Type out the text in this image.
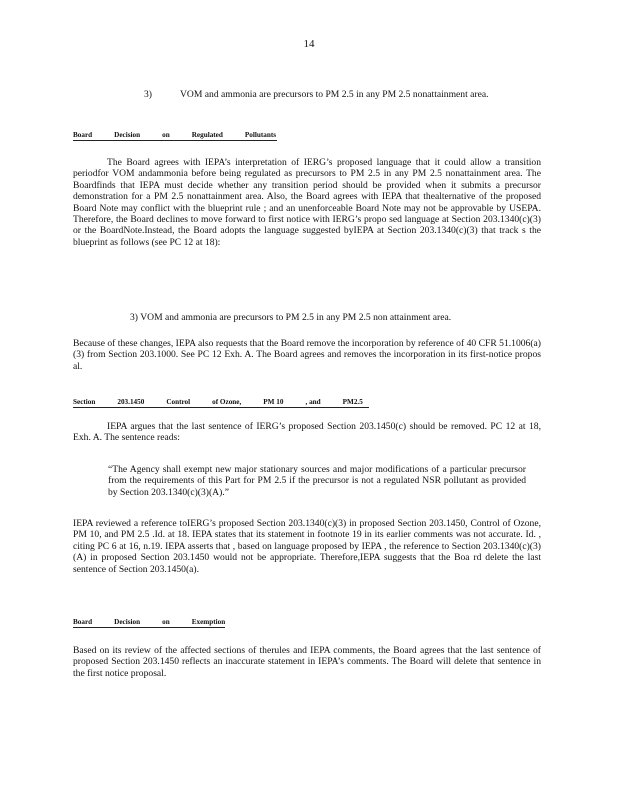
14
3)	VOM and ammonia are precursors to PM 2.5 in any PM 2.5 nonattainment area.
Board	Decision	on	Regulated	Pollutants
The Board agrees with IEPA’s interpretation of IERG’s proposed language that it could allow a transition periodfor VOM andammonia before being regulated as precursors to PM 2.5 in any PM 2.5 nonattainment area. The Boardfinds that IEPA must decide whether any transition period should be provided when it submits a precursor demonstration for a PM 2.5 nonattainment area. Also, the Board agrees with IEPA that thealternative of the proposed Board Note may conflict with the blueprint rule ; and an unenforceable Board Note may not be approvable by USEPA. Therefore, the Board declines to move forward to first notice with IERG’s propo sed language at Section 203.1340(c)(3) or the BoardNote.Instead, the Board adopts the language suggested byIEPA at Section 203.1340(c)(3) that track s the blueprint as follows (see PC 12 at 18):
3) VOM and ammonia are precursors to PM 2.5 in any PM 2.5 non attainment area.
Because of these changes, IEPA also requests that the Board remove the incorporation by reference of 40 CFR 51.1006(a)(3) from Section 203.1000. See PC 12 Exh. A. The Board agrees and removes the incorporation in its first-notice propos al.
Section	203.1450	Control	of Ozone,	PM 10	, and	PM2.5
IEPA argues that the last sentence of IERG’s proposed Section 203.1450(c) should be removed. PC 12 at 18, Exh. A. The sentence reads:
“The Agency shall exempt new major stationary sources and major modifications of a particular precursor from the requirements of this Part for PM 2.5 if the precursor is not a regulated NSR pollutant as provided by Section 203.1340(c)(3)(A).”
IEPA reviewed a reference toIERG’s proposed Section 203.1340(c)(3) in proposed Section 203.1450, Control of Ozone, PM 10, and PM 2.5 .Id. at 18. IEPA states that its statement in footnote 19 in its earlier comments was not accurate. Id. , citing PC 6 at 16, n.19. IEPA asserts that , based on language proposed by IEPA , the reference to Section 203.1340(c)(3)(A) in proposed Section 203.1450 would not be appropriate. Therefore,IEPA suggests that the Boa rd delete the last sentence of Section 203.1450(a).
Board	Decision	on	Exemption
Based on its review of the affected sections of therules and IEPA comments, the Board agrees that the last sentence of proposed Section 203.1450 reflects an inaccurate statement in IEPA’s comments. The Board will delete that sentence in the first notice proposal.
